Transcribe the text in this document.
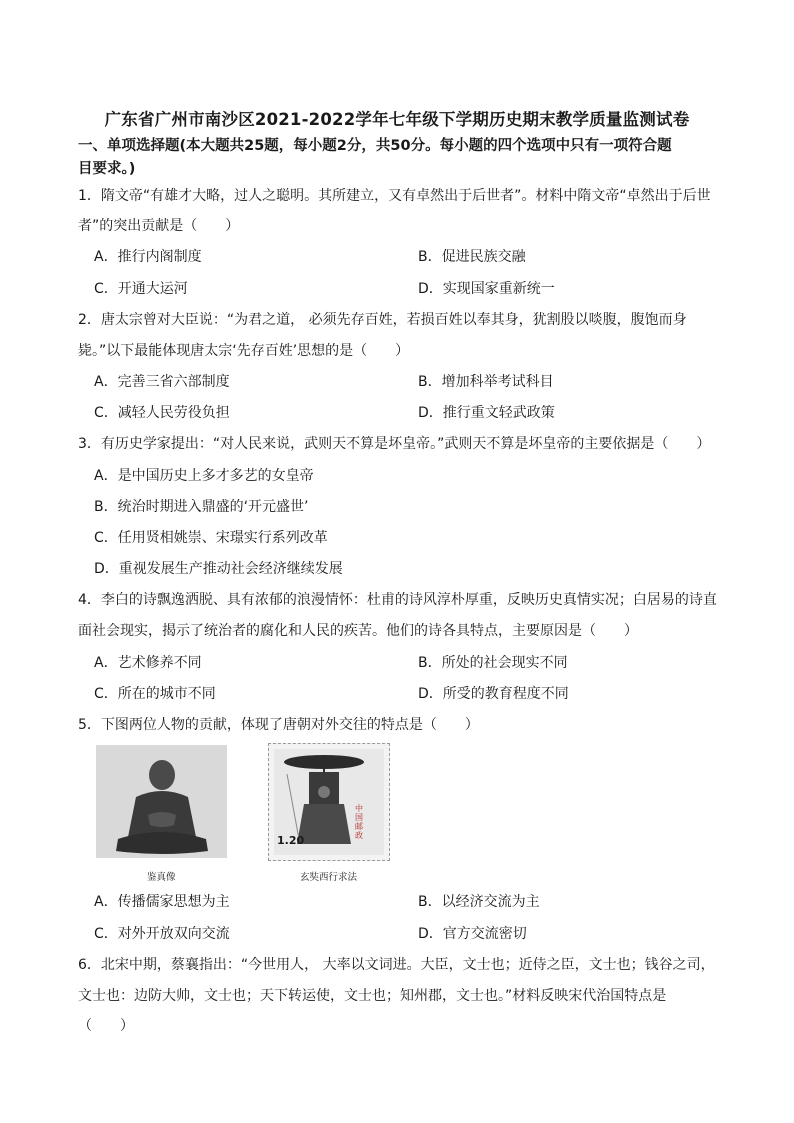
广东省广州市南沙区2021-2022学年七年级下学期历史期末教学质量监测试卷
一、单项选择题(本大题共25题，每小题2分，共50分。每小题的四个选项中只有一项符合题
目要求。)
1．隋文帝“有雄才大略，过人之聪明。其所建立，又有卓然出于后世者”。材料中隋文帝“卓然出于后世
者”的突出贡献是（　　）
A．推行内阁制度	B．促进民族交融
C．开通大运河	D．实现国家重新统一
2．唐太宗曾对大臣说：“为君之道， 必须先存百姓，若损百姓以奉其身，犹割股以啖腹，腹饱而身
毙。”以下最能体现唐太宗‘先存百姓’思想的是（　　）
A．完善三省六部制度	B．增加科举考试科目
C．减轻人民劳役负担	D．推行重文轻武政策
3．有历史学家提出：“对人民来说，武则天不算是坏皇帝。”武则天不算是坏皇帝的主要依据是（　　）
A．是中国历史上多才多艺的女皇帝
B．统治时期进入鼎盛的‘开元盛世’
C．任用贤相姚崇、宋璟实行系列改革
D．重视发展生产推动社会经济继续发展
4．李白的诗飘逸洒脱、具有浓郁的浪漫情怀：杜甫的诗风淳朴厚重，反映历史真情实况；白居易的诗直
面社会现实，揭示了统治者的腐化和人民的疾苦。他们的诗各具特点，主要原因是（　　）
A．艺术修养不同	B．所处的社会现实不同
C．所在的城市不同	D．所受的教育程度不同
5．下图两位人物的贡献，体现了唐朝对外交往的特点是（　　）
鉴真像
1.20
中国邮政
玄奘西行求法
A．传播儒家思想为主	B．以经济交流为主
C．对外开放双向交流	D．官方交流密切
6．北宋中期，蔡襄指出：“今世用人， 大率以文词进。大臣，文士也；近侍之臣，文士也；钱谷之司，
文士也：边防大帅，文士也；天下转运使，文士也；知州郡，文士也。”材料反映宋代治国特点是
（　　）
